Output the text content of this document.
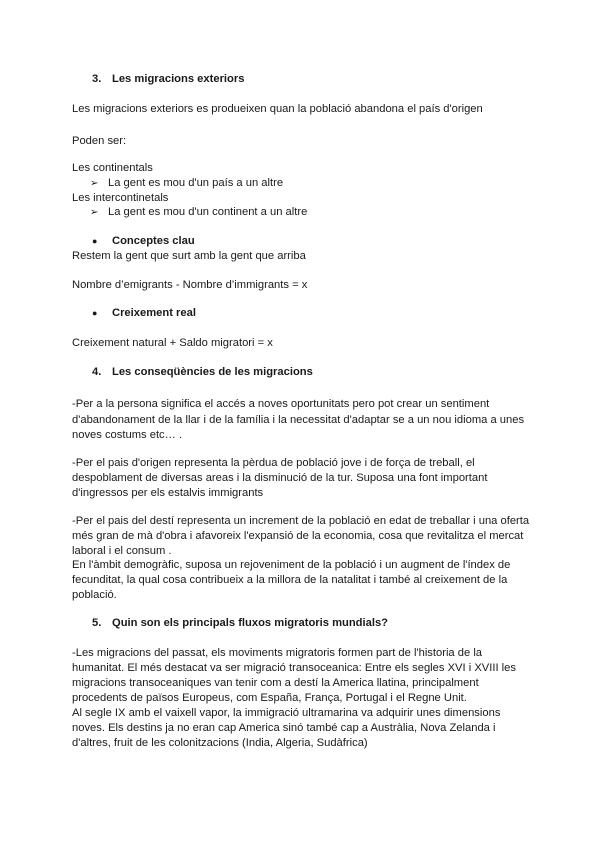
3. Les migracions exteriors
Les migracions exteriors es produeixen quan la població abandona el país d'origen
Poden ser:
Les continentals
➢ La gent es mou d'un país a un altre
Les intercontinetals
➢ La gent es mou d'un continent a un altre
● Conceptes clau
Restem la gent que surt amb la gent que arriba
Nombre d’emigrants - Nombre d’immigrants = x
● Creixement real
Creixement natural + Saldo migratori = x
4. Les conseqüències de les migracions
-Per a la persona significa el accés a noves oportunitats pero pot crear un sentiment
d'abandonament de la llar i de la família i la necessitat d'adaptar se a un nou idioma a unes
noves costums etc… .
-Per el pais d'origen representa la pèrdua de població jove i de força de treball, el
despoblament de diversas areas i la disminució de la tur. Suposa una font important
d'ingressos per els estalvis immigrants
-Per el pais del destí representa un increment de la població en edat de treballar i una oferta
més gran de mà d'obra i afavoreix l'expansió de la economia, cosa que revitalitza el mercat
laboral i el consum .
En l'àmbit demogràfic, suposa un rejoveniment de la població i un augment de l'índex de
fecunditat, la qual cosa contribueix a la millora de la natalitat i també al creixement de la
població.
5. Quin son els principals fluxos migratoris mundials?
-Les migracions del passat, els moviments migratoris formen part de l'historia de la
humanitat. El més destacat va ser migració transoceanica: Entre els segles XVI i XVIII les
migracions transoceaniques van tenir com a destí la America llatina, principalment
procedents de països Europeus, com España, França, Portugal i el Regne Unit.
Al segle IX amb el vaixell vapor, la immigració ultramarina va adquirir unes dimensions
noves. Els destins ja no eran cap America sinó també cap a Austràlia, Nova Zelanda i
d'altres, fruit de les colonitzacions (India, Algeria, Sudàfrica)
